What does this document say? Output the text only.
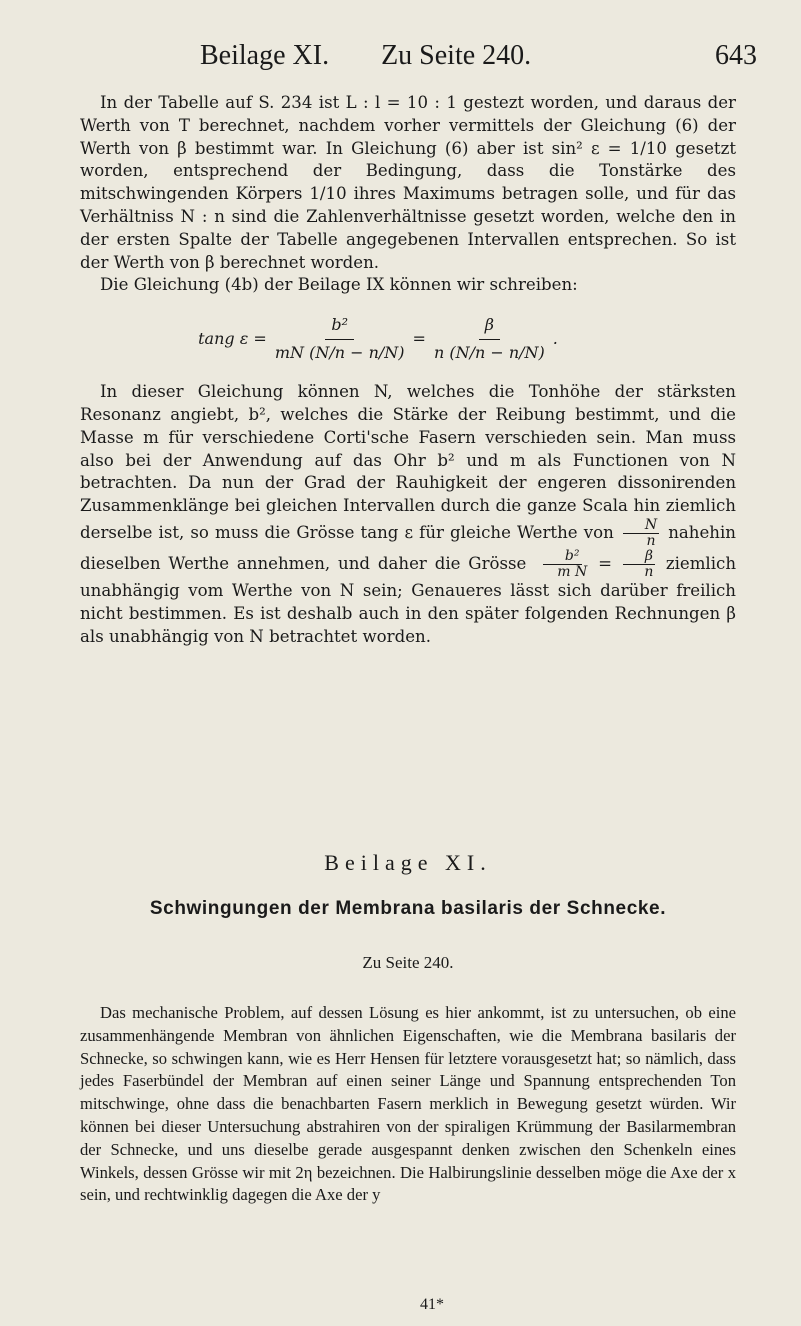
Beilage XI. Zu Seite 240.	643

In der Tabelle auf S. 234 ist L : l = 10 : 1 gestezt worden, und daraus der Werth von T berechnet, nachdem vorher vermittels der Gleichung (6) der Werth von β bestimmt war. In Gleichung (6) aber ist sin² ε = 1/10 gesetzt worden, entsprechend der Bedingung, dass die Tonstärke des mitschwingenden Körpers 1/10 ihres Maximums betragen solle, und für das Verhältniss N : n sind die Zahlenverhältnisse gesetzt worden, welche den in der ersten Spalte der Tabelle angegebenen Intervallen entsprechen. So ist der Werth von β berechnet worden.

Die Gleichung (4b) der Beilage IX können wir schreiben:

tang $\varepsilon = \frac{\text{b²}}{mN (N/n - n/N)} = \frac{\beta}{n (N/n - n/N)}$ .

In dieser Gleichung können N, welches die Tonhöhe der stärksten Resonanz angiebt, b², welches die Stärke der Reibung bestimmt, und die Masse m für verschiedene Corti'sche Fasern verschieden sein. Man muss also bei der Anwendung auf das Ohr b² und m als Functionen von N betrachten. Da nun der Grad der Rauhigkeit der engeren dissonirenden Zusammenklänge bei gleichen Intervallen durch die ganze Scala hin ziemlich derselbe ist, so muss die Grösse tang ε für gleiche Werthe von $\frac{N}{n}$ nahehin dieselben Werthe annehmen, und daher die Grösse $\frac{\text{b²}}{\text{m N}} = \frac{\beta}{n}$ ziemlich unabhängig vom Werthe von N sein; Genaueres lässt sich darüber freilich nicht bestimmen. Es ist deshalb auch in den später folgenden Rechnungen β als unabhängig von N betrachtet worden.

Beilage XI.
Schwingungen der Membrana basilaris der Schnecke.
Zu Seite 240.

Das mechanische Problem, auf dessen Lösung es hier ankommt, ist zu untersuchen, ob eine zusammenhängende Membran von ähnlichen Eigenschaften, wie die Membrana basilaris der Schnecke, so schwingen kann, wie es Herr Hensen für letztere vorausgesetzt hat; so nämlich, dass jedes Faserbündel der Membran auf einen seiner Länge und Spannung entsprechenden Ton mitschwinge, ohne dass die benachbarten Fasern merklich in Bewegung gesetzt würden. Wir können bei dieser Untersuchung abstrahiren von der spiraligen Krümmung der Basilarmembran der Schnecke, und uns dieselbe gerade ausgespannt denken zwischen den Schenkeln eines Winkels, dessen Grösse wir mit 2η bezeichnen. Die Halbirungslinie desselben möge die Axe der x sein, und rechtwinklig dagegen die Axe der y

41*
